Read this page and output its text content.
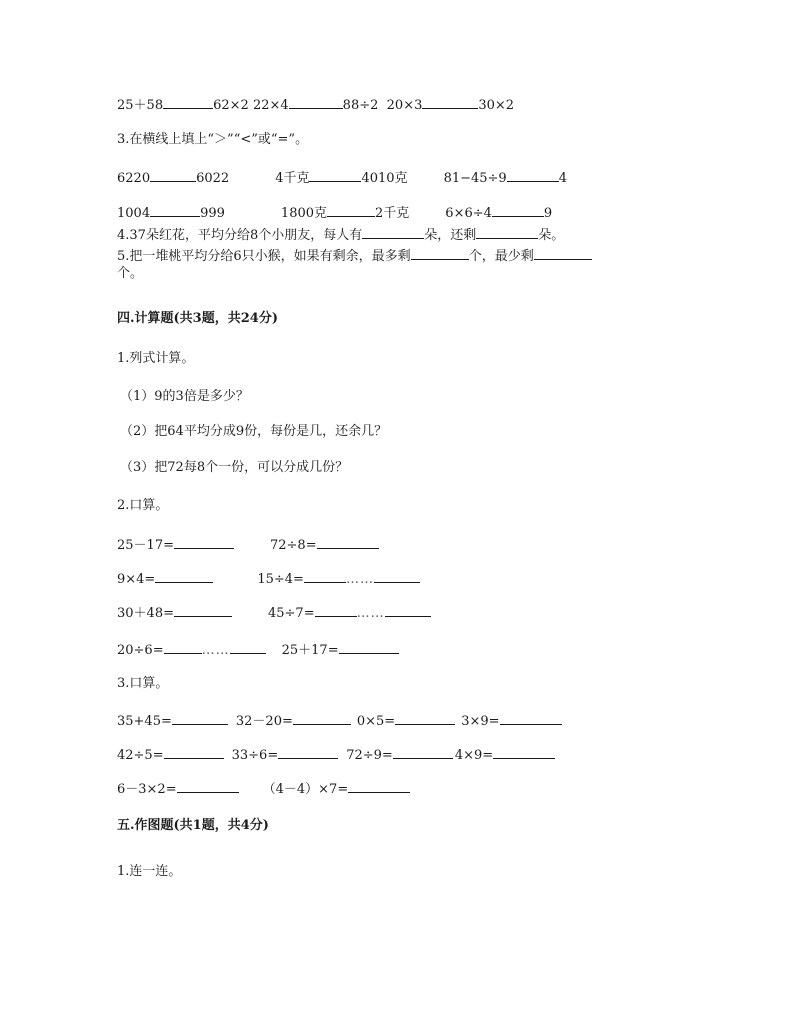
25＋58	62×2 22×4	88÷2 20×3	30×2
3.在横线上填上“＞”“<”或“=”。
6220	6022	4千克	4010克	81−45÷9	4
1004	999	1800克	2千克	6×6÷4	9
4.37朵红花，平均分给8个小朋友，每人有	朵，还剩	朵。
5.把一堆桃平均分给6只小猴，如果有剩余，最多剩	个，最少剩
个。
四.计算题(共3题，共24分)
1.列式计算。
（1）9的3倍是多少？
（2）把64平均分成9份，每份是几，还余几？
（3）把72每8个一份，可以分成几份？
2.口算。
25－17=	72÷8=
9×4=	15÷4=	……
30＋48=	45÷7=	……
20÷6=	……	25＋17=
3.口算。
35+45=	32－20=	0×5=	3×9=
42÷5=	33÷6=	72÷9=	4×9=
6－3×2=	（4－4）×7=
五.作图题(共1题，共4分)
1.连一连。
